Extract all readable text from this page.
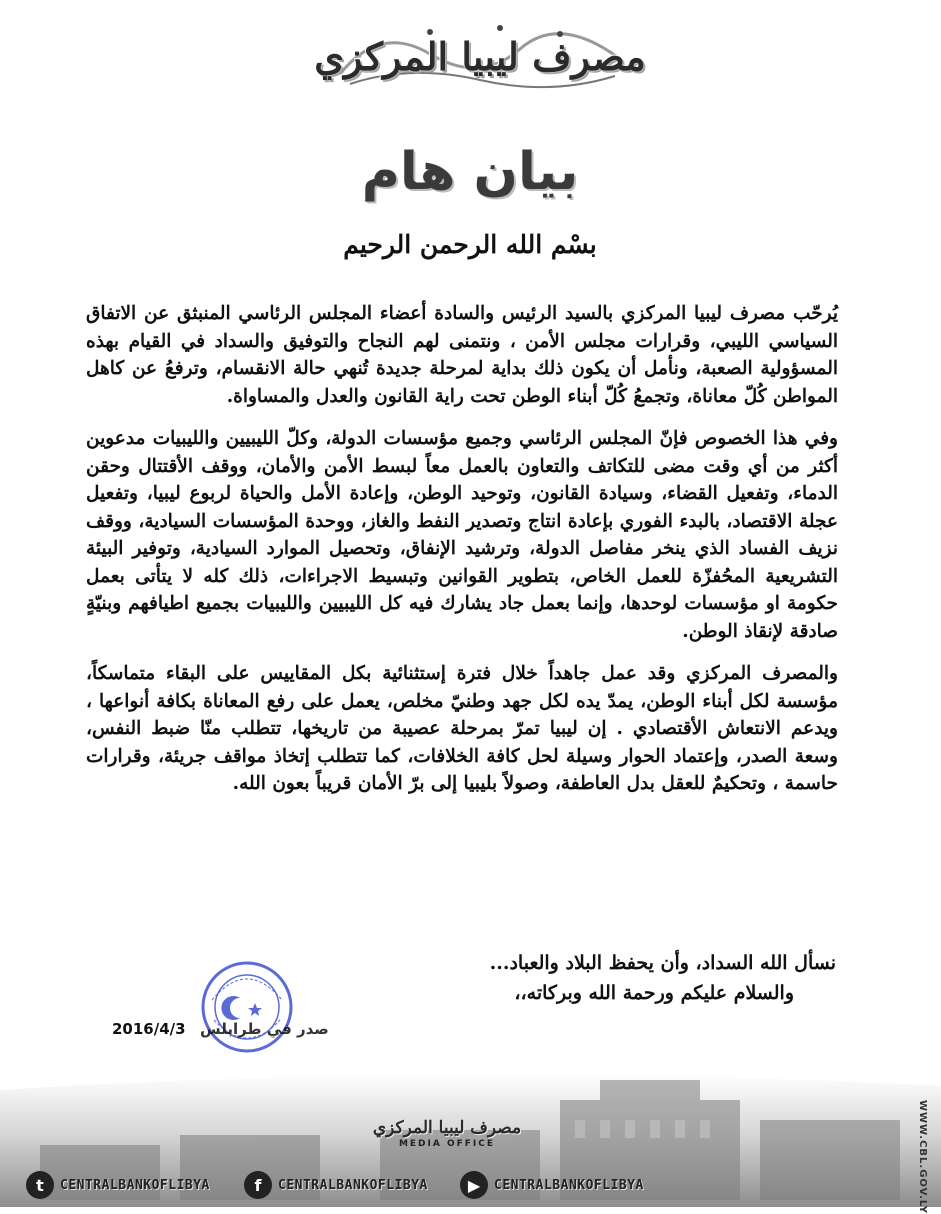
مصرف ليبيا المركزي
بيان هام
بسْم الله الرحمن الرحيم

يُرحّب مصرف ليبيا المركزي بالسيد الرئيس والسادة أعضاء المجلس الرئاسي المنبثق عن الاتفاق السياسي الليبي، وقرارات مجلس الأمن ، ونتمنى لهم النجاح والتوفيق والسداد في القيام بهذه المسؤولية الصعبة، ونأمل أن يكون ذلك بداية لمرحلة جديدة تُنهي حالة الانقسام، وترفعُ عن كاهل المواطن كُلّ معاناة، وتجمعُ كُلّ أبناء الوطن تحت راية القانون والعدل والمساواة.

وفي هذا الخصوص فإنّ المجلس الرئاسي وجميع مؤسسات الدولة، وكلّ الليبيين والليبيات مدعوين أكثر من أي وقت مضى للتكاتف والتعاون بالعمل معاً لبسط الأمن والأمان، ووقف الأقتتال وحقن الدماء، وتفعيل القضاء، وسيادة القانون، وتوحيد الوطن، وإعادة الأمل والحياة لربوع ليبيا، وتفعيل عجلة الاقتصاد، بالبدء الفوري بإعادة انتاج وتصدير النفط والغاز، ووحدة المؤسسات السيادية، ووقف نزيف الفساد الذي ينخر مفاصل الدولة، وترشيد الإنفاق، وتحصيل الموارد السيادية، وتوفير البيئة التشريعية المحُفزّة للعمل الخاص، بتطوير القوانين وتبسيط الاجراءات، ذلك كله لا يتأتى بعمل حكومة او مؤسسات لوحدها، وإنما بعمل جاد يشارك فيه كل الليبيين والليبيات بجميع اطيافهم وبنيّةٍ صادقة لإنقاذ الوطن.

والمصرف المركزي وقد عمل جاهداً خلال فترة إستثنائية بكل المقاييس على البقاء متماسكاً، مؤسسة لكل أبناء الوطن، يمدّ يده لكل جهد وطنيّ مخلص، يعمل على رفع المعاناة بكافة أنواعها ، ويدعم الانتعاش الأقتصادي . إن ليبيا تمرّ بمرحلة عصيبة من تاريخها، تتطلب منّا ضبط النفس، وسعة الصدر، وإعتماد الحوار وسيلة لحل كافة الخلافات، كما تتطلب إتخاذ مواقف جريئة، وقرارات حاسمة ، وتحكيمٌ للعقل بدل العاطفة، وصولاً بليبيا إلى برّ الأمان قريباً بعون الله.

نسأل الله السداد، وأن يحفظ البلاد والعباد...
والسلام عليكم ورحمة الله وبركاته،،
2016/4/3 صدر في طرابلس
مصرف ليبيا المركزي
MEDIA OFFICE
t	CENTRALBANKOFLIBYA	f	CENTRALBANKOFLIBYA	▶	CENTRALBANKOFLIBYA	WWW.CBL.GOV.LY
